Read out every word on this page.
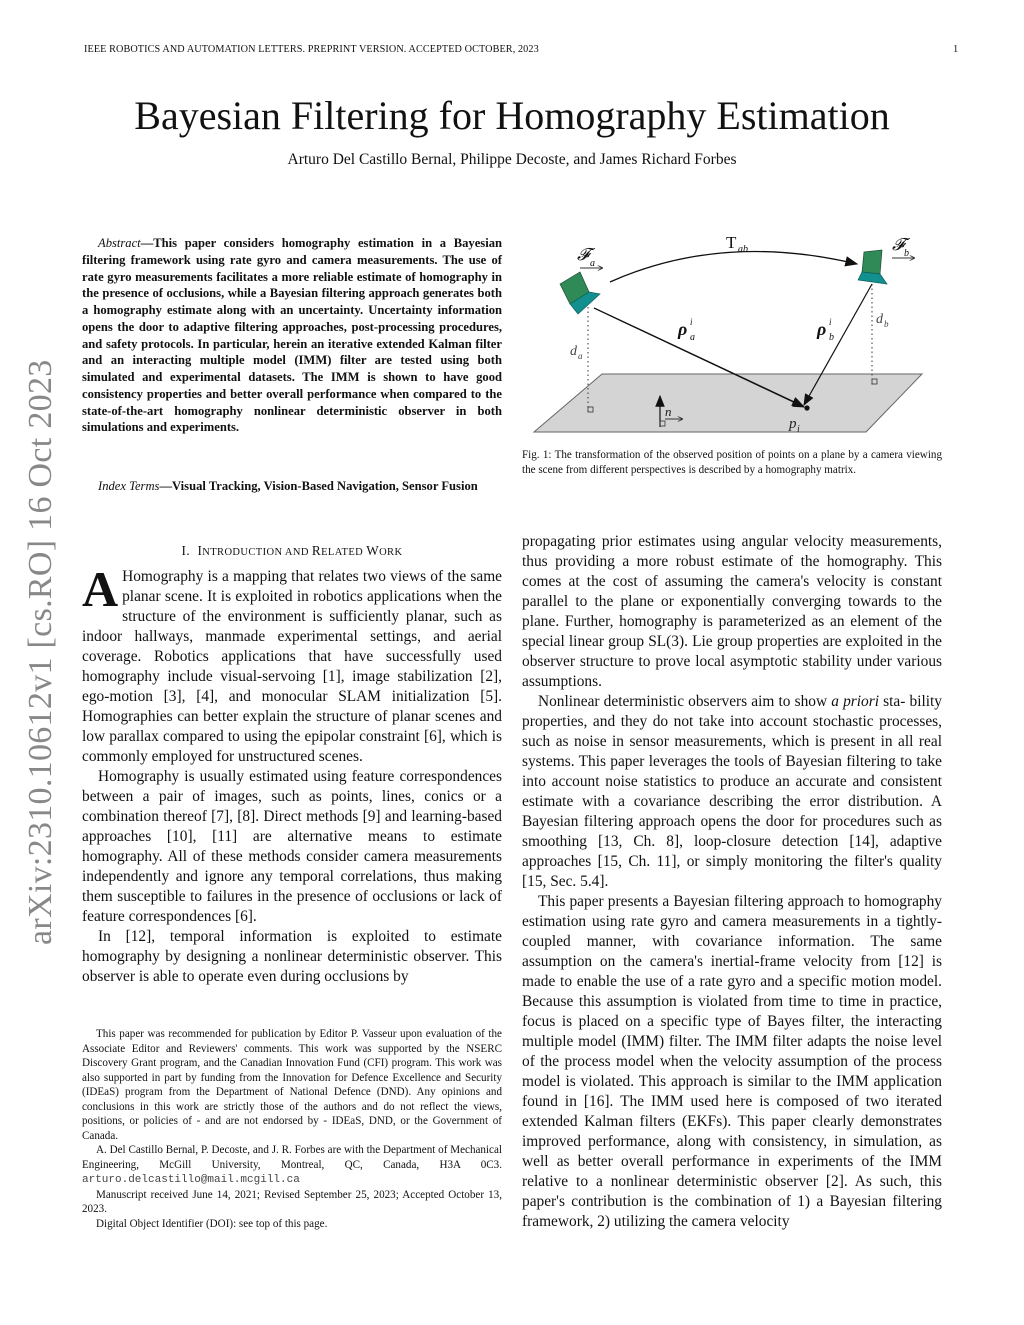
IEEE ROBOTICS AND AUTOMATION LETTERS. PREPRINT VERSION. ACCEPTED OCTOBER, 2023	1
Bayesian Filtering for Homography Estimation
Arturo Del Castillo Bernal, Philippe Decoste, and James Richard Forbes
arXiv:2310.10612v1 [cs.RO] 16 Oct 2023

Abstract—This paper considers homography estimation in a Bayesian filtering framework using rate gyro and camera measurements. The use of rate gyro measurements facilitates a more reliable estimate of homography in the presence of occlusions, while a Bayesian filtering approach generates both a homography estimate along with an uncertainty. Uncertainty information opens the door to adaptive filtering approaches, post-processing procedures, and safety protocols. In particular, herein an iterative extended Kalman filter and an interacting multiple model (IMM) filter are tested using both simulated and experimental datasets. The IMM is shown to have good consistency properties and better overall performance when compared to the state-of-the-art homography nonlinear deterministic observer in both simulations and experiments.

Index Terms—Visual Tracking, Vision-Based Navigation, Sensor Fusion

I. INTRODUCTION AND RELATED WORK

A Homography is a mapping that relates two views of the same planar scene. It is exploited in robotics applications when the structure of the environment is sufficiently planar, such as indoor hallways, manmade experimental settings, and aerial coverage. Robotics applications that have successfully used homography include visual-servoing [1], image stabilization [2], ego-motion [3], [4], and monocular SLAM initialization [5]. Homographies can better explain the structure of planar scenes and low parallax compared to using the epipolar constraint [6], which is commonly employed for unstructured scenes.

Homography is usually estimated using feature correspondences between a pair of images, such as points, lines, conics or a combination thereof [7], [8]. Direct methods [9] and learning-based approaches [10], [11] are alternative means to estimate homography. All of these methods consider camera measurements independently and ignore any temporal correlations, thus making them susceptible to failures in the presence of occlusions or lack of feature correspondences [6].

In [12], temporal information is exploited to estimate homography by designing a nonlinear deterministic observer. This observer is able to operate even during occlusions by

This paper was recommended for publication by Editor P. Vasseur upon evaluation of the Associate Editor and Reviewers' comments. This work was supported by the NSERC Discovery Grant program, and the Canadian Innovation Fund (CFI) program. This work was also supported in part by funding from the Innovation for Defence Excellence and Security (IDEaS) program from the Department of National Defence (DND). Any opinions and conclusions in this work are strictly those of the authors and do not reflect the views, positions, or policies of - and are not endorsed by - IDEaS, DND, or the Government of Canada.

A. Del Castillo Bernal, P. Decoste, and J. R. Forbes are with the Department of Mechanical Engineering, McGill University, Montreal, QC, Canada, H3A 0C3. arturo.delcastillo@mail.mcgill.ca

Manuscript received June 14, 2021; Revised September 25, 2023; Accepted October 13, 2023.

Digital Object Identifier (DOI): see top of this page.

n
𝓕 a
𝓕 b
T ab
ρ a
i	ρ b
i
d a
d b
p i
Fig. 1: The transformation of the observed position of points on a plane by a camera viewing the scene from different perspectives is described by a homography matrix.

propagating prior estimates using angular velocity measurements, thus providing a more robust estimate of the homography. This comes at the cost of assuming the camera's velocity is constant parallel to the plane or exponentially converging towards to the plane. Further, homography is parameterized as an element of the special linear group SL(3). Lie group properties are exploited in the observer structure to prove local asymptotic stability under various assumptions.

Nonlinear deterministic observers aim to show a priori sta- bility properties, and they do not take into account stochastic processes, such as noise in sensor measurements, which is present in all real systems. This paper leverages the tools of Bayesian filtering to take into account noise statistics to produce an accurate and consistent estimate with a covariance describing the error distribution. A Bayesian filtering approach opens the door for procedures such as smoothing [13, Ch. 8], loop-closure detection [14], adaptive approaches [15, Ch. 11], or simply monitoring the filter's quality [15, Sec. 5.4].

This paper presents a Bayesian filtering approach to homography estimation using rate gyro and camera measurements in a tightly-coupled manner, with covariance information. The same assumption on the camera's inertial-frame velocity from [12] is made to enable the use of a rate gyro and a specific motion model. Because this assumption is violated from time to time in practice, focus is placed on a specific type of Bayes filter, the interacting multiple model (IMM) filter. The IMM filter adapts the noise level of the process model when the velocity assumption of the process model is violated. This approach is similar to the IMM application found in [16]. The IMM used here is composed of two iterated extended Kalman filters (EKFs). This paper clearly demonstrates improved performance, along with consistency, in simulation, as well as better overall performance in experiments of the IMM relative to a nonlinear deterministic observer [2]. As such, this paper's contribution is the combination of 1) a Bayesian filtering framework, 2) utilizing the camera velocity
